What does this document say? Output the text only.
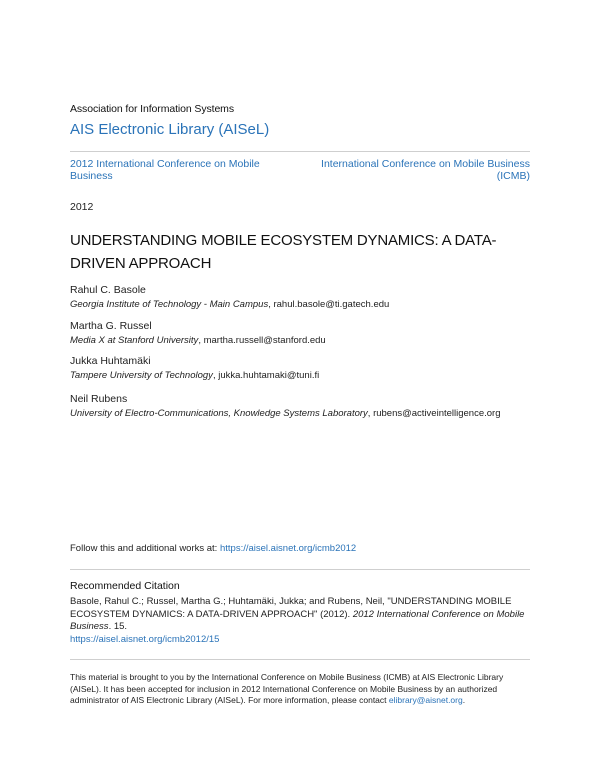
Association for Information Systems
AIS Electronic Library (AISeL)
2012 International Conference on Mobile Business
International Conference on Mobile Business (ICMB)
2012
UNDERSTANDING MOBILE ECOSYSTEM DYNAMICS: A DATA-DRIVEN APPROACH
Rahul C. Basole
Georgia Institute of Technology - Main Campus, rahul.basole@ti.gatech.edu
Martha G. Russel
Media X at Stanford University, martha.russell@stanford.edu
Jukka Huhtamäki
Tampere University of Technology, jukka.huhtamaki@tuni.fi
Neil Rubens
University of Electro-Communications, Knowledge Systems Laboratory, rubens@activeintelligence.org
Follow this and additional works at: https://aisel.aisnet.org/icmb2012
Recommended Citation
Basole, Rahul C.; Russel, Martha G.; Huhtamäki, Jukka; and Rubens, Neil, "UNDERSTANDING MOBILE ECOSYSTEM DYNAMICS: A DATA-DRIVEN APPROACH" (2012). 2012 International Conference on Mobile Business. 15.
https://aisel.aisnet.org/icmb2012/15
This material is brought to you by the International Conference on Mobile Business (ICMB) at AIS Electronic Library (AISeL). It has been accepted for inclusion in 2012 International Conference on Mobile Business by an authorized administrator of AIS Electronic Library (AISeL). For more information, please contact elibrary@aisnet.org.
